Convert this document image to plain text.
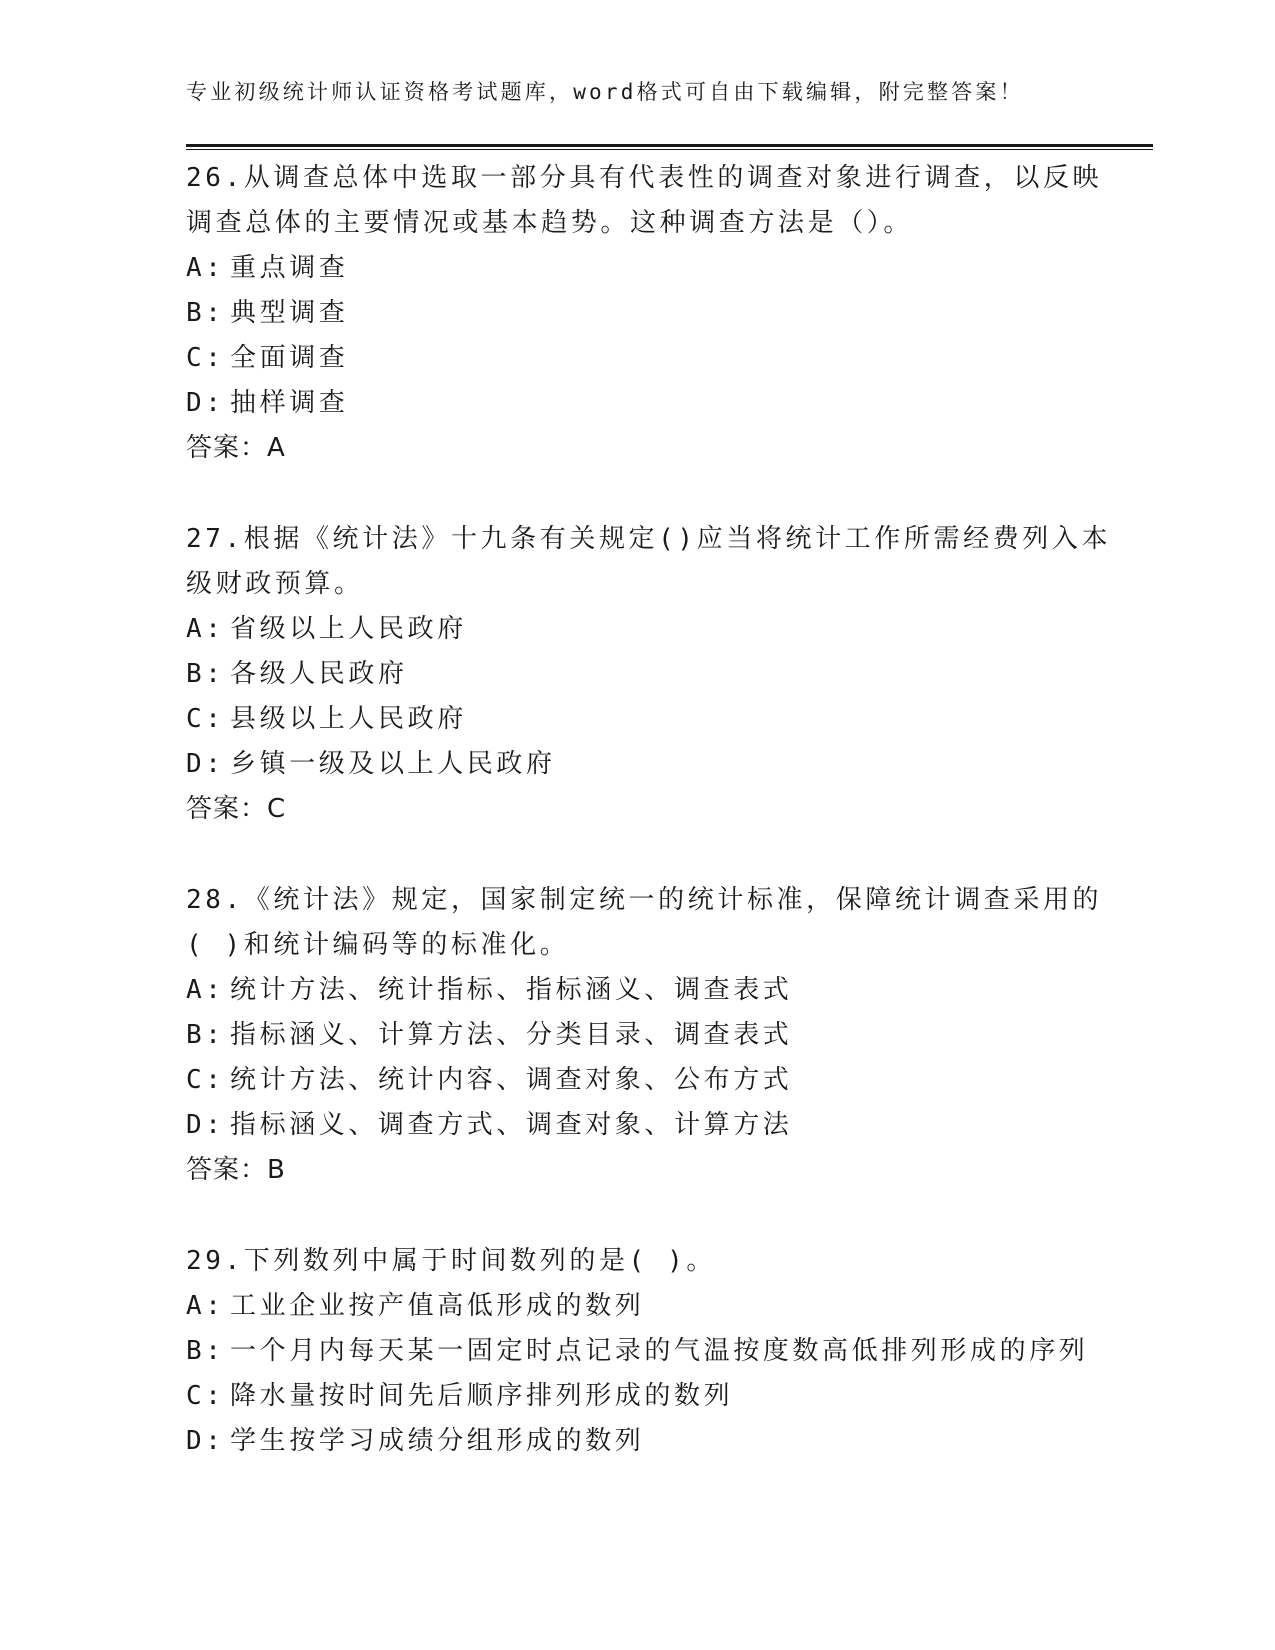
专业初级统计师认证资格考试题库，word格式可自由下载编辑，附完整答案！
26.从调查总体中选取一部分具有代表性的调查对象进行调查，以反映
调查总体的主要情况或基本趋势。这种调查方法是（）。
A: 重点调查
B: 典型调查
C: 全面调查
D: 抽样调查
答案：A
27.根据《统计法》十九条有关规定()应当将统计工作所需经费列入本
级财政预算。
A: 省级以上人民政府
B: 各级人民政府
C: 县级以上人民政府
D: 乡镇一级及以上人民政府
答案：C
28.《统计法》规定，国家制定统一的统计标准，保障统计调查采用的
( )和统计编码等的标准化。
A: 统计方法、统计指标、指标涵义、调查表式
B: 指标涵义、计算方法、分类目录、调查表式
C: 统计方法、统计内容、调查对象、公布方式
D: 指标涵义、调查方式、调查对象、计算方法
答案：B
29.下列数列中属于时间数列的是( )。
A: 工业企业按产值高低形成的数列
B: 一个月内每天某一固定时点记录的气温按度数高低排列形成的序列
C: 降水量按时间先后顺序排列形成的数列
D: 学生按学习成绩分组形成的数列
